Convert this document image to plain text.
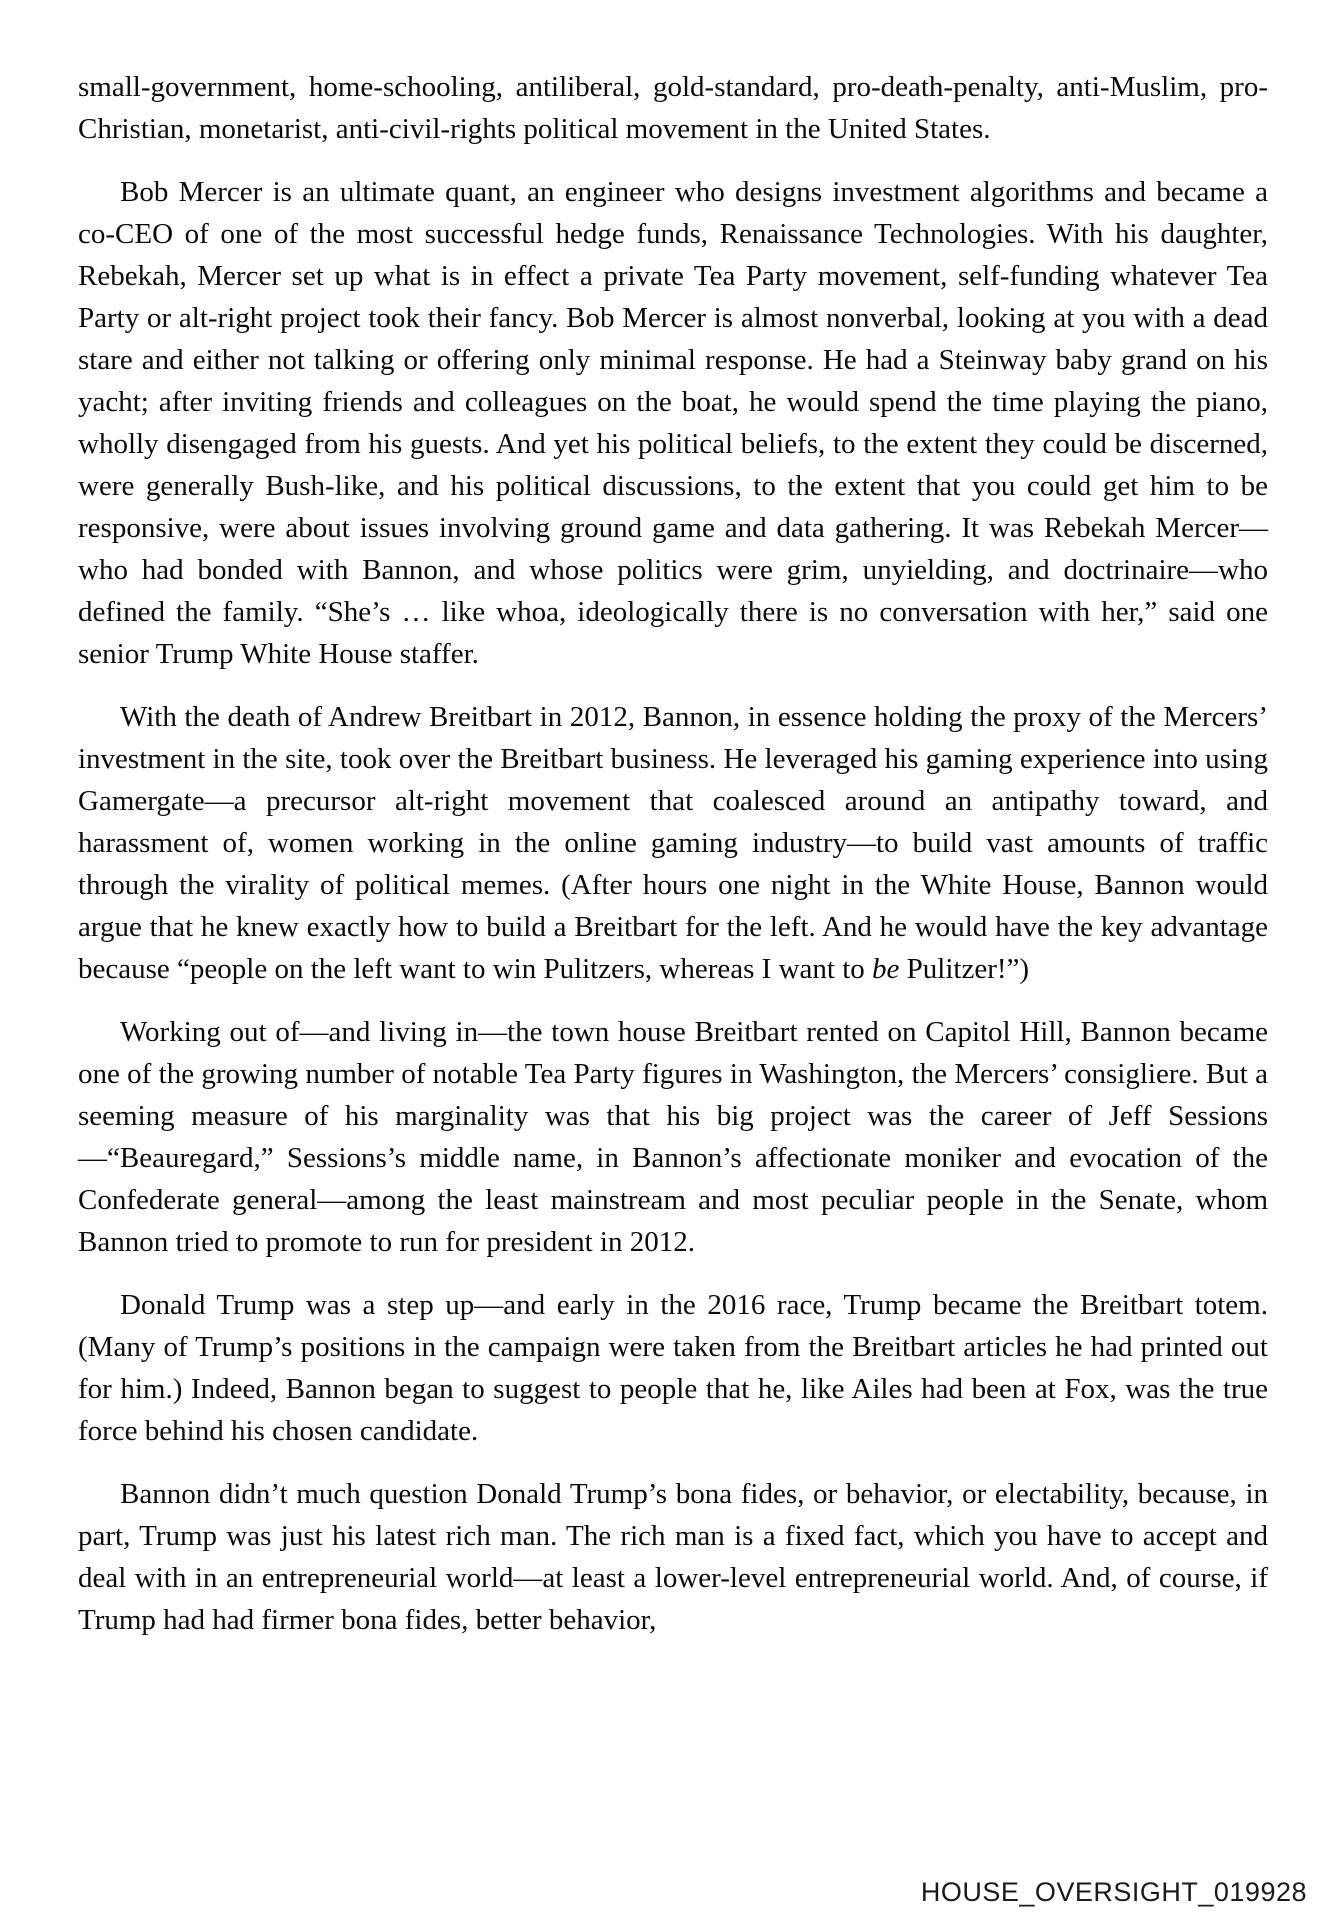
small-government, home-schooling, antiliberal, gold-standard, pro-death-penalty, anti-Muslim, pro-Christian, monetarist, anti-civil-rights political movement in the United States.

Bob Mercer is an ultimate quant, an engineer who designs investment algorithms and became a co-CEO of one of the most successful hedge funds, Renaissance Technologies. With his daughter, Rebekah, Mercer set up what is in effect a private Tea Party movement, self-funding whatever Tea Party or alt-right project took their fancy. Bob Mercer is almost nonverbal, looking at you with a dead stare and either not talking or offering only minimal response. He had a Steinway baby grand on his yacht; after inviting friends and colleagues on the boat, he would spend the time playing the piano, wholly disengaged from his guests. And yet his political beliefs, to the extent they could be discerned, were generally Bush-like, and his political discussions, to the extent that you could get him to be responsive, were about issues involving ground game and data gathering. It was Rebekah Mercer—who had bonded with Bannon, and whose politics were grim, unyielding, and doctrinaire—who defined the family. “She’s … like whoa, ideologically there is no conversation with her,” said one senior Trump White House staffer.

With the death of Andrew Breitbart in 2012, Bannon, in essence holding the proxy of the Mercers’ investment in the site, took over the Breitbart business. He leveraged his gaming experience into using Gamergate—a precursor alt-right movement that coalesced around an antipathy toward, and harassment of, women working in the online gaming industry—to build vast amounts of traffic through the virality of political memes. (After hours one night in the White House, Bannon would argue that he knew exactly how to build a Breitbart for the left. And he would have the key advantage because “people on the left want to win Pulitzers, whereas I want to be Pulitzer!”)

Working out of—and living in—the town house Breitbart rented on Capitol Hill, Bannon became one of the growing number of notable Tea Party figures in Washington, the Mercers’ consigliere. But a seeming measure of his marginality was that his big project was the career of Jeff Sessions—“Beauregard,” Sessions’s middle name, in Bannon’s affectionate moniker and evocation of the Confederate general—among the least mainstream and most peculiar people in the Senate, whom Bannon tried to promote to run for president in 2012.

Donald Trump was a step up—and early in the 2016 race, Trump became the Breitbart totem. (Many of Trump’s positions in the campaign were taken from the Breitbart articles he had printed out for him.) Indeed, Bannon began to suggest to people that he, like Ailes had been at Fox, was the true force behind his chosen candidate.

Bannon didn’t much question Donald Trump’s bona fides, or behavior, or electability, because, in part, Trump was just his latest rich man. The rich man is a fixed fact, which you have to accept and deal with in an entrepreneurial world—at least a lower-level entrepreneurial world. And, of course, if Trump had had firmer bona fides, better behavior,

HOUSE_OVERSIGHT_019928
